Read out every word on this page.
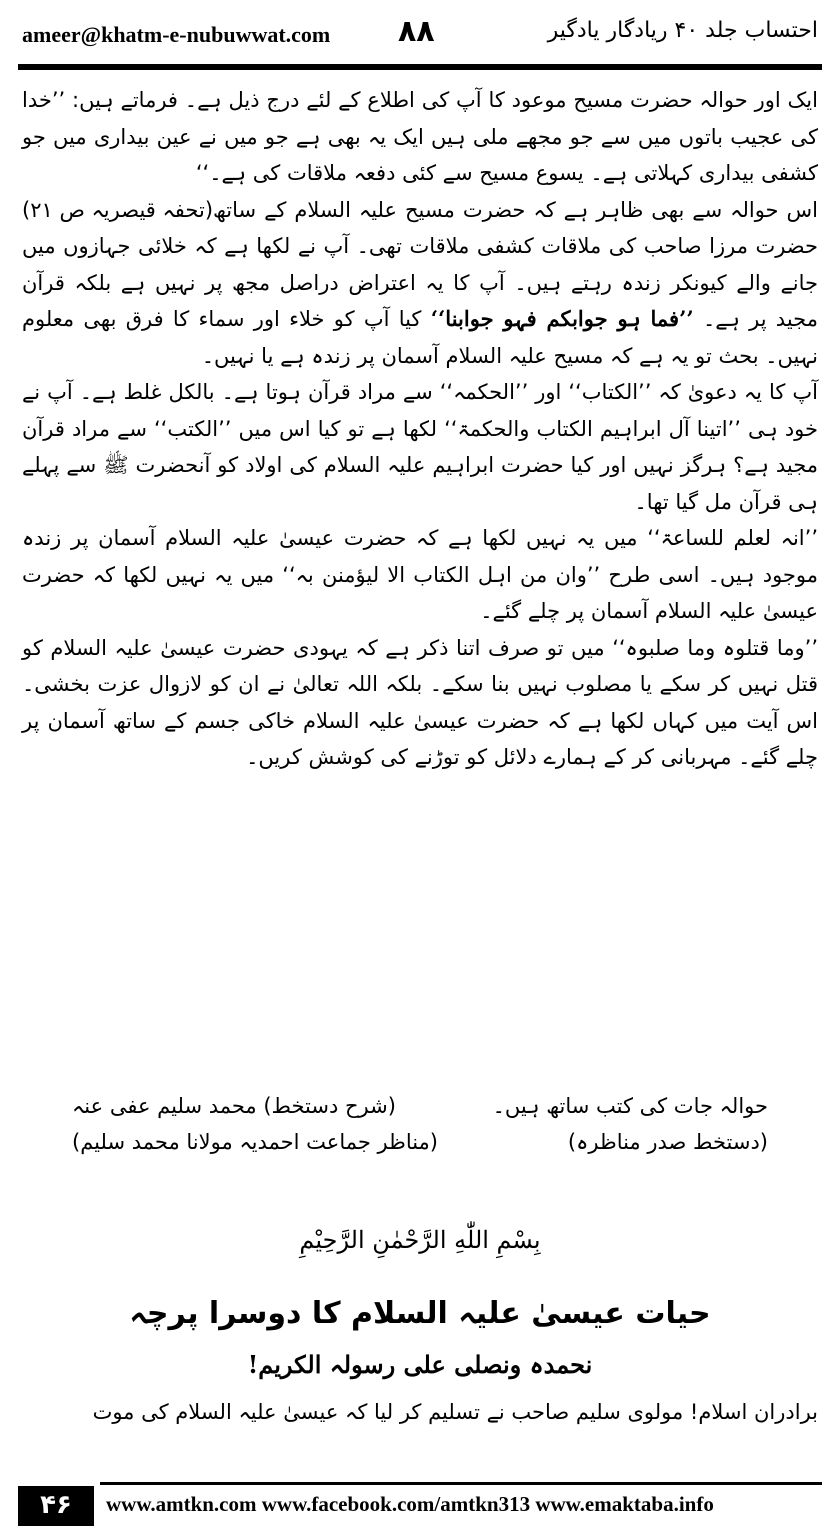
ameer@khatm-e-nubuwwat.com ۸۸	احتساب جلد ۴۰ ریادگار یادگیر

ایک اور حوالہ حضرت مسیح موعود کا آپ کی اطلاع کے لئے درج ذیل ہے۔ فرماتے ہیں: ’’خدا کی عجیب باتوں میں سے جو مجھے ملی ہیں ایک یہ بھی ہے جو میں نے عین بیداری میں جو کشفی بیداری کہلاتی ہے۔ یسوع مسیح سے کئی دفعہ ملاقات کی ہے۔‘‘
(تحفہ قیصریہ ص ۲۱) اس حوالہ سے بھی ظاہر ہے کہ حضرت مسیح علیہ السلام کے ساتھ حضرت مرزا صاحب کی ملاقات کشفی ملاقات تھی۔ آپ نے لکھا ہے کہ خلائی جہازوں میں جانے والے کیونکر زندہ رہتے ہیں۔ آپ کا یہ اعتراض دراصل مجھ پر نہیں ہے بلکہ قرآن مجید پر ہے۔ ’’فما ہو جوابکم فہو جوابنا‘‘ کیا آپ کو خلاء اور سماء کا فرق بھی معلوم نہیں۔ بحث تو یہ ہے کہ مسیح علیہ السلام آسمان پر زندہ ہے یا نہیں۔

آپ کا یہ دعویٰ کہ ’’الکتاب‘‘ اور ’’الحکمہ‘‘ سے مراد قرآن ہوتا ہے۔ بالکل غلط ہے۔ آپ نے خود ہی ’’اتینا آل ابراہیم الکتاب والحکمۃ‘‘ لکھا ہے تو کیا اس میں ’’الکتب‘‘ سے مراد قرآن مجید ہے؟ ہرگز نہیں اور کیا حضرت ابراہیم علیہ السلام کی اولاد کو آنحضرت ﷺ سے پہلے ہی قرآن مل گیا تھا۔

’’انہ لعلم للساعۃ‘‘ میں یہ نہیں لکھا ہے کہ حضرت عیسیٰ علیہ السلام آسمان پر زندہ موجود ہیں۔ اسی طرح ’’وان من اہل الکتاب الا لیؤمنن بہ‘‘ میں یہ نہیں لکھا کہ حضرت عیسیٰ علیہ السلام آسمان پر چلے گئے۔

’’وما قتلوہ وما صلبوہ‘‘ میں تو صرف اتنا ذکر ہے کہ یہودی حضرت عیسیٰ علیہ السلام کو قتل نہیں کر سکے یا مصلوب نہیں بنا سکے۔ بلکہ اللہ تعالیٰ نے ان کو لازوال عزت بخشی۔ اس آیت میں کہاں لکھا ہے کہ حضرت عیسیٰ علیہ السلام خاکی جسم کے ساتھ آسمان پر چلے گئے۔ مہربانی کر کے ہمارے دلائل کو توڑنے کی کوشش کریں۔

حوالہ جات کی کتب ساتھ ہیں۔
(شرح دستخط) محمد سلیم عفی عنہ
(دستخط صدر مناظرہ)
(مناظر جماعت احمدیہ مولانا محمد سلیم)
بِسْمِ اللّٰهِ الرَّحْمٰنِ الرَّحِيْمِ
حیات عیسیٰ علیہ السلام کا دوسرا پرچہ
نحمدہ ونصلی علی رسولہ الکریم!
برادران اسلام! مولوی سلیم صاحب نے تسلیم کر لیا کہ عیسیٰ علیہ السلام کی موت
۴۶	www.amtkn.com www.facebook.com/amtkn313 www.emaktaba.info
